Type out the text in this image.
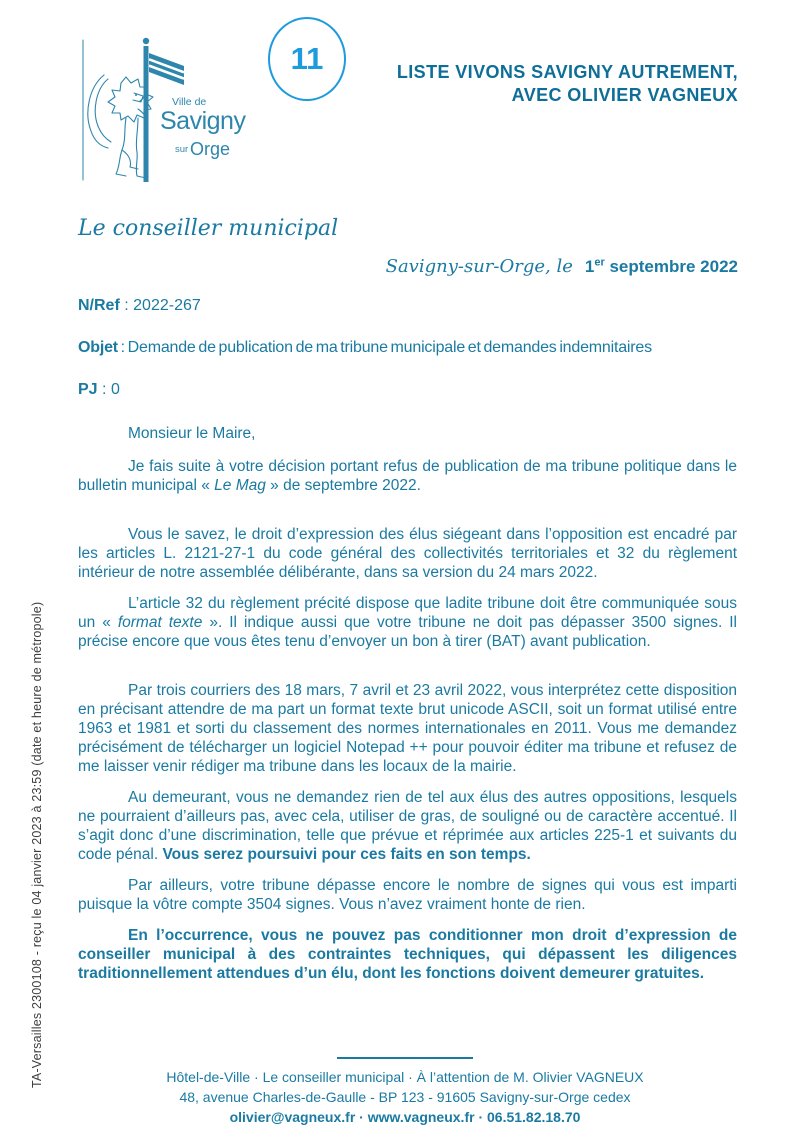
TA-Versailles 2300108 - reçu le 04 janvier 2023 à 23:59 (date et heure de métropole)
Ville de
Savigny
sur Orge
11	LISTE VIVONS SAVIGNY AUTREMENT,
AVEC OLIVIER VAGNEUX
Le conseiller municipal
Savigny-sur-Orge, le 1er septembre 2022
N/Ref : 2022-267
Objet : Demande de publication de ma tribune municipale et demandes indemnitaires
PJ : 0

Monsieur le Maire,

Je fais suite à votre décision portant refus de publication de ma tribune politique dans le bulletin municipal « Le Mag » de septembre 2022.

Vous le savez, le droit d’expression des élus siégeant dans l’opposition est encadré par les articles L. 2121-27-1 du code général des collectivités territoriales et 32 du règlement intérieur de notre assemblée délibérante, dans sa version du 24 mars 2022.

L’article 32 du règlement précité dispose que ladite tribune doit être communiquée sous un « format texte ». Il indique aussi que votre tribune ne doit pas dépasser 3500 signes. Il précise encore que vous êtes tenu d’envoyer un bon à tirer (BAT) avant publication.

Par trois courriers des 18 mars, 7 avril et 23 avril 2022, vous interprétez cette disposition en précisant attendre de ma part un format texte brut unicode ASCII, soit un format utilisé entre 1963 et 1981 et sorti du classement des normes internationales en 2011. Vous me demandez précisément de télécharger un logiciel Notepad ++ pour pouvoir éditer ma tribune et refusez de me laisser venir rédiger ma tribune dans les locaux de la mairie.

Au demeurant, vous ne demandez rien de tel aux élus des autres oppositions, lesquels ne pourraient d’ailleurs pas, avec cela, utiliser de gras, de souligné ou de caractère accentué. Il s’agit donc d’une discrimination, telle que prévue et réprimée aux articles 225-1 et suivants du code pénal. Vous serez poursuivi pour ces faits en son temps.

Par ailleurs, votre tribune dépasse encore le nombre de signes qui vous est imparti puisque la vôtre compte 3504 signes. Vous n’avez vraiment honte de rien.

En l’occurrence, vous ne pouvez pas conditionner mon droit d’expression de conseiller municipal à des contraintes techniques, qui dépassent les diligences traditionnellement attendues d’un élu, dont les fonctions doivent demeurer gratuites.

Hôtel-de-Ville · Le conseiller municipal · À l’attention de M. Olivier VAGNEUX
48, avenue Charles-de-Gaulle - BP 123 - 91605 Savigny-sur-Orge cedex
olivier@vagneux.fr · www.vagneux.fr · 06.51.82.18.70
